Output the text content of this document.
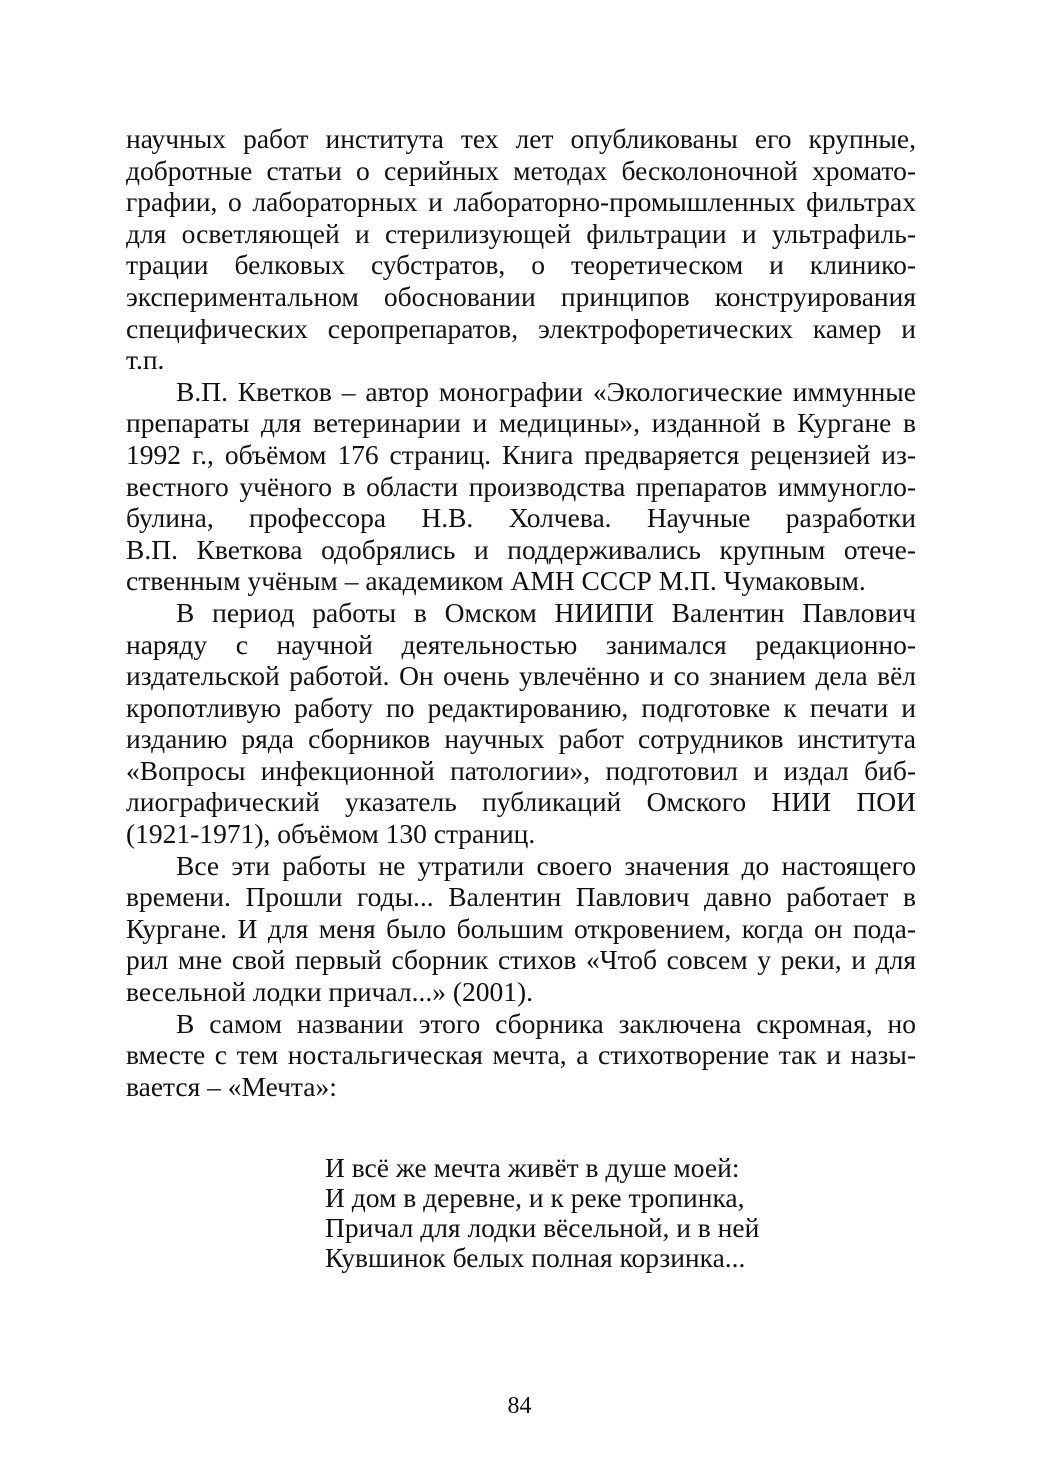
научных работ института тех лет опубликованы его крупные,
добротные статьи о серийных методах бесколоночной хромато-
графии, о лабораторных и лабораторно-промышленных фильтрах
для осветляющей и стерилизующей фильтрации и ультрафиль-
трации белковых субстратов, о теоретическом и клинико-
экспериментальном обосновании принципов конструирования
специфических серопрепаратов, электрофоретических камер и
т.п.

В.П. Кветков – автор монографии «Экологические иммунные
препараты для ветеринарии и медицины», изданной в Кургане в
1992 г., объёмом 176 страниц. Книга предваряется рецензией из-
вестного учёного в области производства препаратов иммуногло-
булина, профессора Н.В. Холчева. Научные разработки
В.П. Кветкова одобрялись и поддерживались крупным отече-
ственным учёным – академиком АМН СССР М.П. Чумаковым.

В период работы в Омском НИИПИ Валентин Павлович
наряду с научной деятельностью занимался редакционно-
издательской работой. Он очень увлечённо и со знанием дела вёл
кропотливую работу по редактированию, подготовке к печати и
изданию ряда сборников научных работ сотрудников института
«Вопросы инфекционной патологии», подготовил и издал биб-
лиографический указатель публикаций Омского НИИ ПОИ
(1921-1971), объёмом 130 страниц.

Все эти работы не утратили своего значения до настоящего
времени. Прошли годы... Валентин Павлович давно работает в
Кургане. И для меня было большим откровением, когда он пода-
рил мне свой первый сборник стихов «Чтоб совсем у реки, и для
весельной лодки причал...» (2001).

В самом названии этого сборника заключена скромная, но
вместе с тем ностальгическая мечта, а стихотворение так и назы-
вается – «Мечта»:

И всё же мечта живёт в душе моей:
И дом в деревне, и к реке тропинка,
Причал для лодки вёсельной, и в ней
Кувшинок белых полная корзинка...
84
